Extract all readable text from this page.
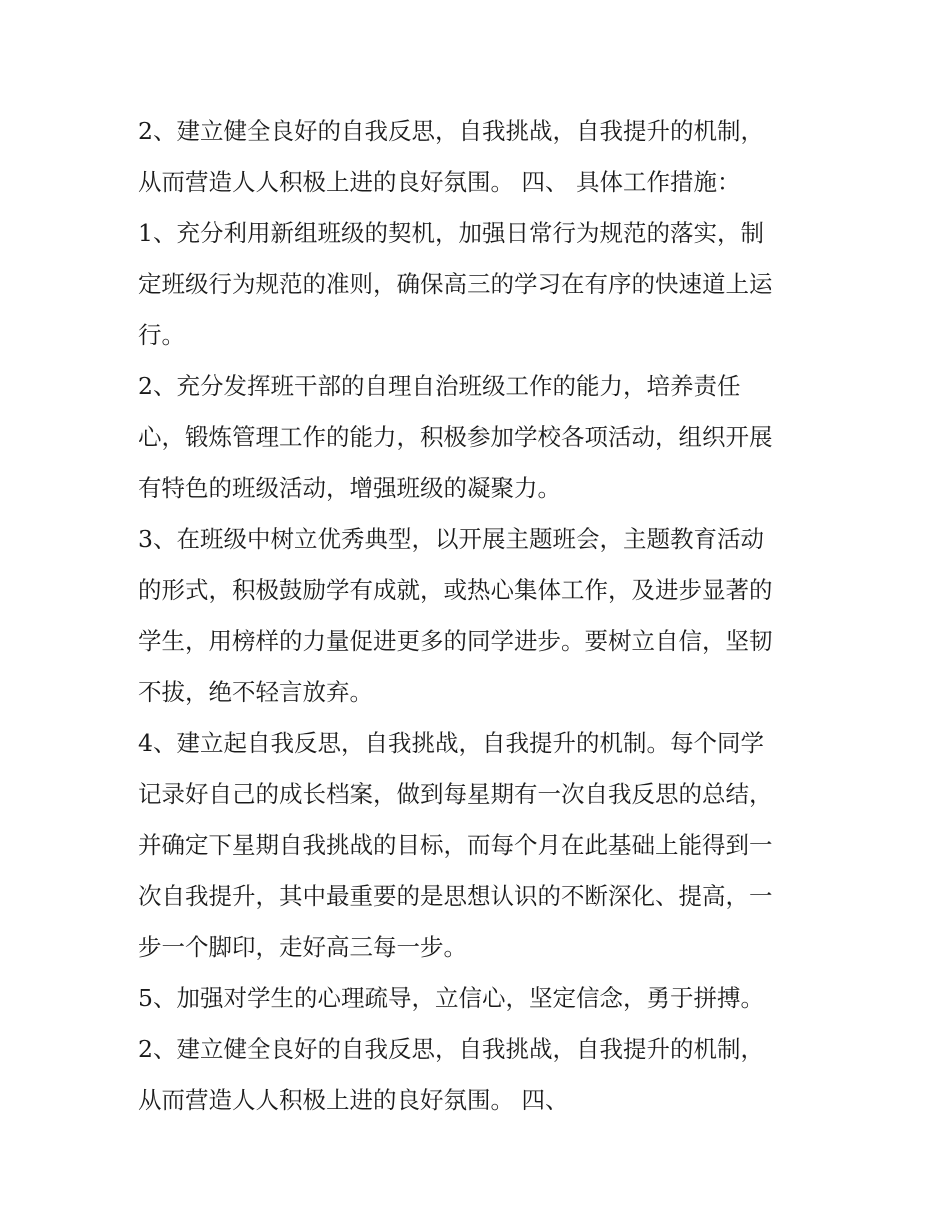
2、建立健全良好的自我反思，自我挑战，自我提升的机制，
从而营造人人积极上进的良好氛围。 四、 具体工作措施：
1、充分利用新组班级的契机，加强日常行为规范的落实，制
定班级行为规范的准则，确保高三的学习在有序的快速道上运
行。
2、充分发挥班干部的自理自治班级工作的能力，培养责任
心，锻炼管理工作的能力，积极参加学校各项活动，组织开展
有特色的班级活动，增强班级的凝聚力。
3、在班级中树立优秀典型，以开展主题班会，主题教育活动
的形式，积极鼓励学有成就，或热心集体工作，及进步显著的
学生，用榜样的力量促进更多的同学进步。要树立自信，坚韧
不拔，绝不轻言放弃。
4、建立起自我反思，自我挑战，自我提升的机制。每个同学
记录好自己的成长档案，做到每星期有一次自我反思的总结，
并确定下星期自我挑战的目标，而每个月在此基础上能得到一
次自我提升，其中最重要的是思想认识的不断深化、提高，一
步一个脚印，走好高三每一步。
5、加强对学生的心理疏导，立信心，坚定信念，勇于拼搏。
2、建立健全良好的自我反思，自我挑战，自我提升的机制，
从而营造人人积极上进的良好氛围。 四、
